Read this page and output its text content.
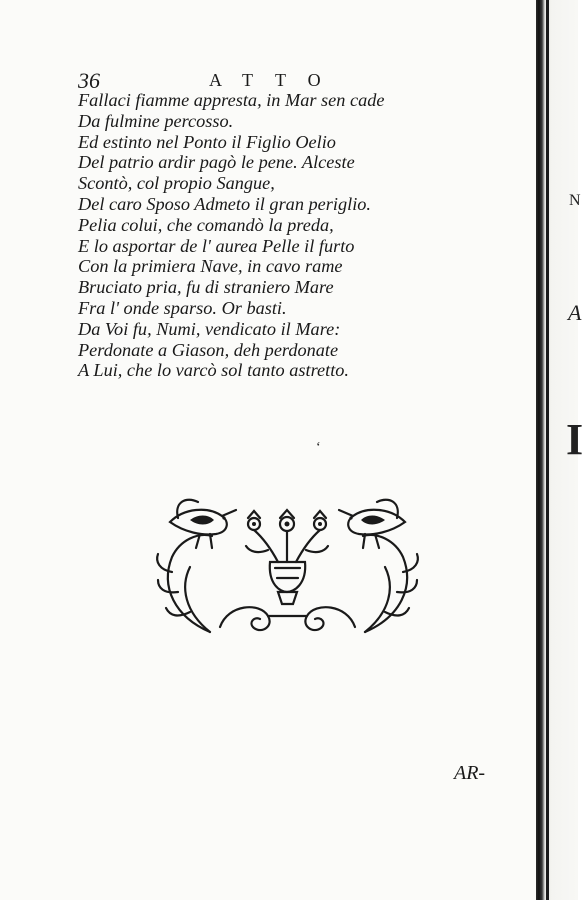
36	ATTO
Fallaci fiamme appresta, in Mar sen cade
Da fulmine percosso.
Ed estinto nel Ponto il Figlio Oelio
Del patrio ardir pagò le pene. Alceste
Scontò, col propio Sangue,
Del caro Sposo Admeto il gran periglio.
Pelia colui, che comandò la preda,
E lo asportar de l' aurea Pelle il furto
Con la primiera Nave, in cavo rame
Bruciato pria, fu di straniero Mare
Fra l' onde sparso. Or basti.
Da Voi fu, Numi, vendicato il Mare:
Perdonate a Giason, deh perdonate
A Lui, che lo varcò sol tanto astretto.
ʻ
AR-
N
A
I
